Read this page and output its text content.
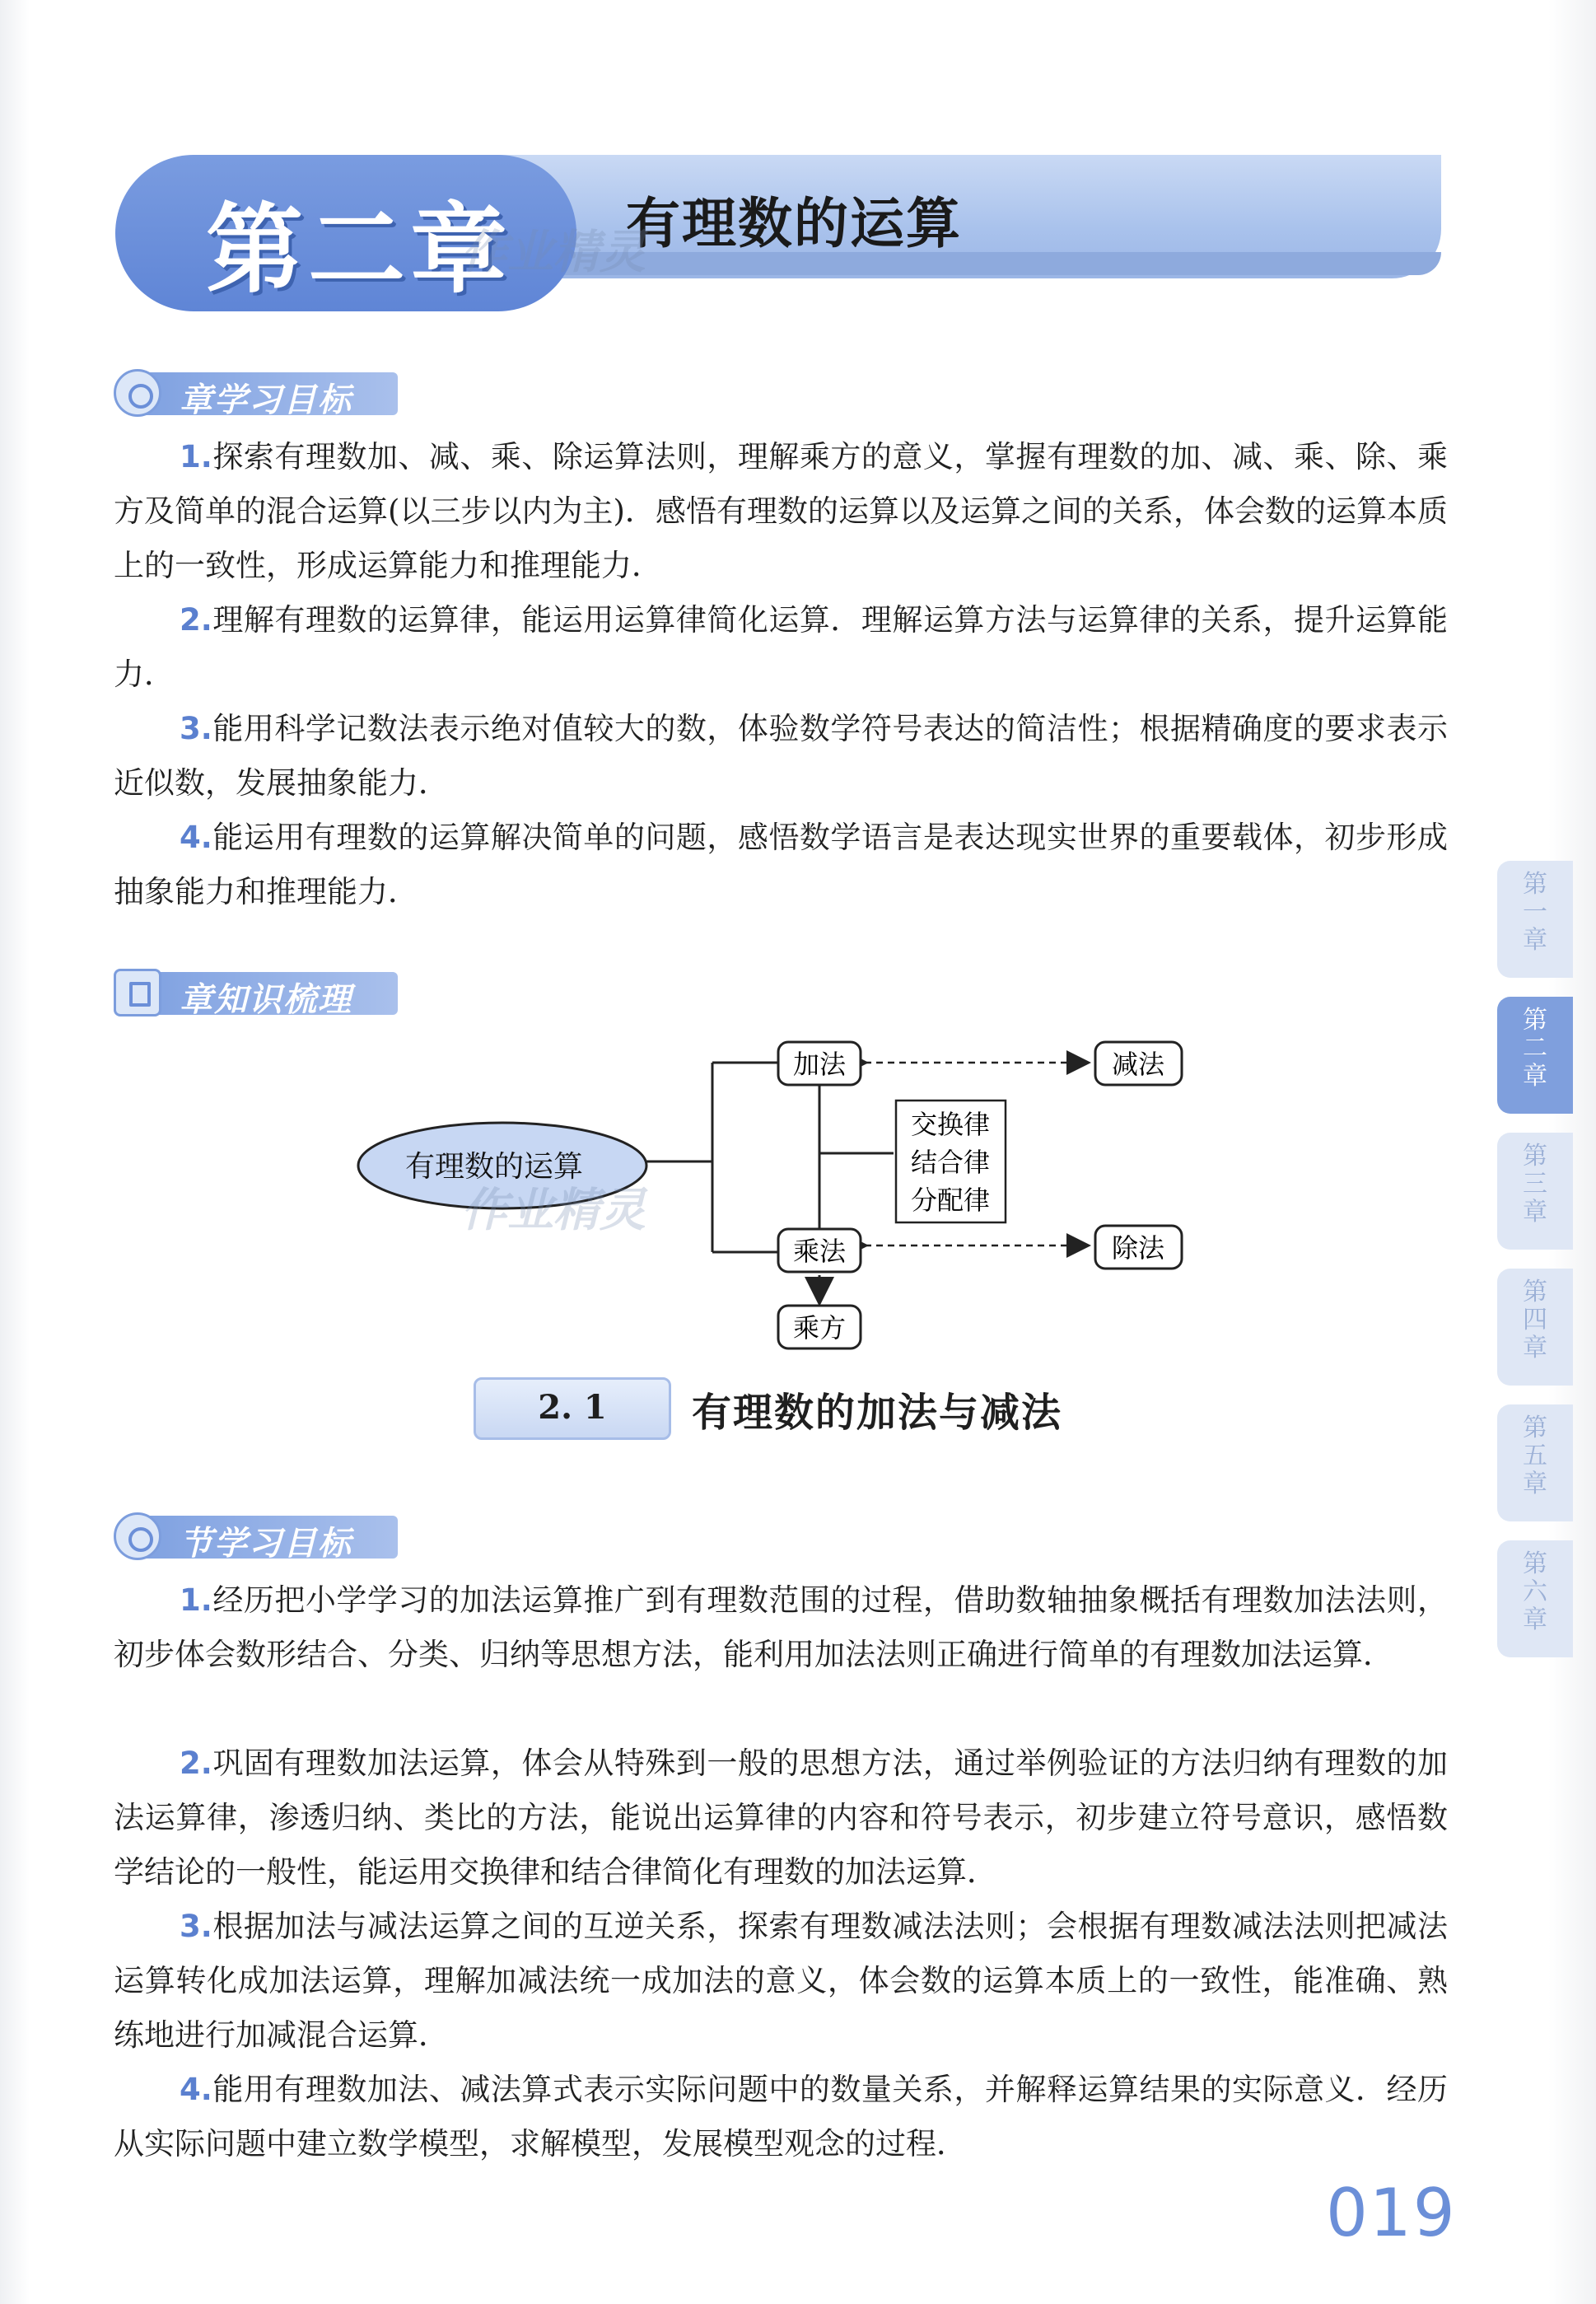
第二章 有理数的运算
作业精灵
章学习目标

1.探索有理数加、减、乘、除运算法则，理解乘方的意义，掌握有理数的加、减、乘、除、乘方及简单的混合运算(以三步以内为主)．感悟有理数的运算以及运算之间的关系，体会数的运算本质上的一致性，形成运算能力和推理能力．

2.理解有理数的运算律，能运用运算律简化运算．理解运算方法与运算律的关系，提升运算能力．

3.能用科学记数法表示绝对值较大的数，体验数学符号表达的简洁性；根据精确度的要求表示近似数，发展抽象能力．

4.能运用有理数的运算解决简单的问题，感悟数学语言是表达现实世界的重要载体，初步形成抽象能力和推理能力．

章知识梳理
有理数的运算
加法	减法
乘法	除法
乘方
交换律
结合律
分配律
作业精灵
2. 1	有理数的加法与减法
节学习目标

1.经历把小学学习的加法运算推广到有理数范围的过程，借助数轴抽象概括有理数加法法则，初步体会数形结合、分类、归纳等思想方法，能利用加法法则正确进行简单的有理数加法运算．

2.巩固有理数加法运算，体会从特殊到一般的思想方法，通过举例验证的方法归纳有理数的加法运算律，渗透归纳、类比的方法，能说出运算律的内容和符号表示，初步建立符号意识，感悟数学结论的一般性，能运用交换律和结合律简化有理数的加法运算．

3.根据加法与减法运算之间的互逆关系，探索有理数减法法则；会根据有理数减法法则把减法运算转化成加法运算，理解加减法统一成加法的意义，体会数的运算本质上的一致性，能准确、熟练地进行加减混合运算．

4.能用有理数加法、减法算式表示实际问题中的数量关系，并解释运算结果的实际意义．经历从实际问题中建立数学模型，求解模型，发展模型观念的过程．

第
一
章
第
二
章
第
三
章
第
四
章
第
五
章
第
六
章
019
